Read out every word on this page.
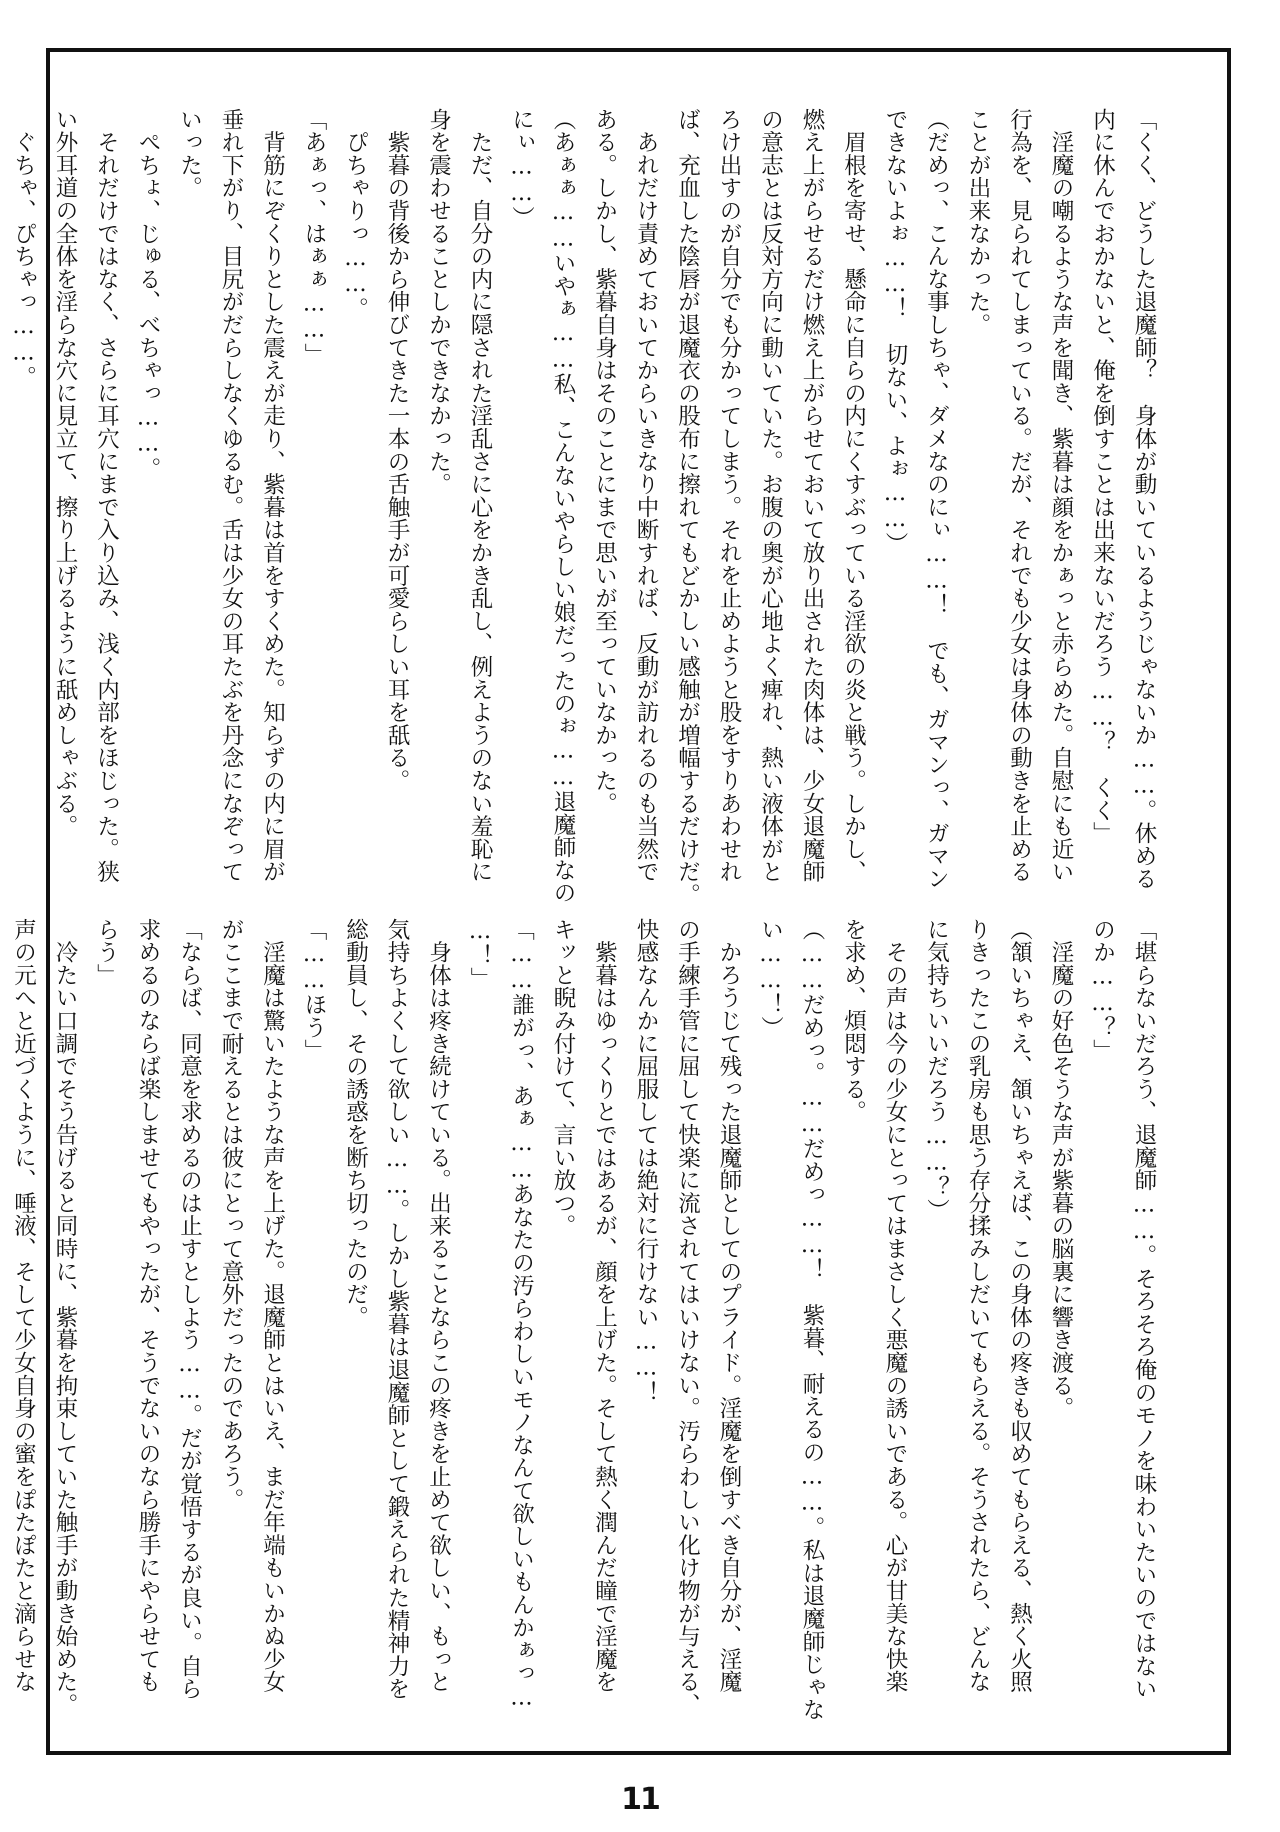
「くく、どうした退魔師？　身体が動いているようじゃないか……。休める
内に休んでおかないと、俺を倒すことは出来ないだろう……？　くく」
　淫魔の嘲るような声を聞き、紫暮は顔をかぁっと赤らめた。自慰にも近い
行為を、見られてしまっている。だが、それでも少女は身体の動きを止める
ことが出来なかった。
（だめっ、こんな事しちゃ、ダメなのにぃ……！　でも、ガマンっ、ガマン
できないよぉ……！　切ない、よぉ……）
　眉根を寄せ、懸命に自らの内にくすぶっている淫欲の炎と戦う。しかし、
燃え上がらせるだけ燃え上がらせておいて放り出された肉体は、少女退魔師
の意志とは反対方向に動いていた。お腹の奥が心地よく痺れ、熱い液体がと
ろけ出すのが自分でも分かってしまう。それを止めようと股をすりあわせれ
ば、充血した陰唇が退魔衣の股布に擦れてもどかしい感触が増幅するだけだ。
　あれだけ責めておいてからいきなり中断すれば、反動が訪れるのも当然で
ある。しかし、紫暮自身はそのことにまで思いが至っていなかった。
（あぁぁ……いやぁ……私、こんないやらしい娘だったのぉ……退魔師なの
にぃ……）
　ただ、自分の内に隠された淫乱さに心をかき乱し、例えようのない羞恥に
身を震わせることしかできなかった。
　紫暮の背後から伸びてきた一本の舌触手が可愛らしい耳を舐る。
　ぴちゃりっ……。
「あぁっ、はぁぁ……」
　背筋にぞくりとした震えが走り、紫暮は首をすくめた。知らずの内に眉が
垂れ下がり、目尻がだらしなくゆるむ。舌は少女の耳たぶを丹念になぞって
いった。
　ぺちょ、じゅる、べちゃっ……。
　それだけではなく、さらに耳穴にまで入り込み、浅く内部をほじった。狭
い外耳道の全体を淫らな穴に見立て、擦り上げるように舐めしゃぶる。
　ぐちゃ、ぴちゃっ……。
「堪らないだろう、退魔師……。そろそろ俺のモノを味わいたいのではない
のか……？」
　淫魔の好色そうな声が紫暮の脳裏に響き渡る。
（頷いちゃえ、頷いちゃえば、この身体の疼きも収めてもらえる、熱く火照
りきったこの乳房も思う存分揉みしだいてもらえる。そうされたら、どんな
に気持ちいいだろう……？）
　その声は今の少女にとってはまさしく悪魔の誘いである。心が甘美な快楽
を求め、煩悶する。
（……だめっ。……だめっ……！　紫暮、耐えるの……。私は退魔師じゃな
い……！）
　かろうじて残った退魔師としてのプライド。淫魔を倒すべき自分が、淫魔
の手練手管に屈して快楽に流されてはいけない。汚らわしい化け物が与える、
快感なんかに屈服しては絶対に行けない……！
　紫暮はゆっくりとではあるが、顔を上げた。そして熱く潤んだ瞳で淫魔を
キッと睨み付けて、言い放つ。
「……誰がっ、あぁ……あなたの汚らわしいモノなんて欲しいもんかぁっ…
…！」
　身体は疼き続けている。出来ることならこの疼きを止めて欲しい、もっと
気持ちよくして欲しい……。しかし紫暮は退魔師として鍛えられた精神力を
総動員し、その誘惑を断ち切ったのだ。
「……ほう」
　淫魔は驚いたような声を上げた。退魔師とはいえ、まだ年端もいかぬ少女
がここまで耐えるとは彼にとって意外だったのであろう。
「ならば、同意を求めるのは止すとしよう……。だが覚悟するが良い。自ら
求めるのならば楽しませてもやったが、そうでないのなら勝手にやらせても
らう」
　冷たい口調でそう告げると同時に、紫暮を拘束していた触手が動き始めた。
声の元へと近づくように、唾液、そして少女自身の蜜をぽたぽたと滴らせな
11
